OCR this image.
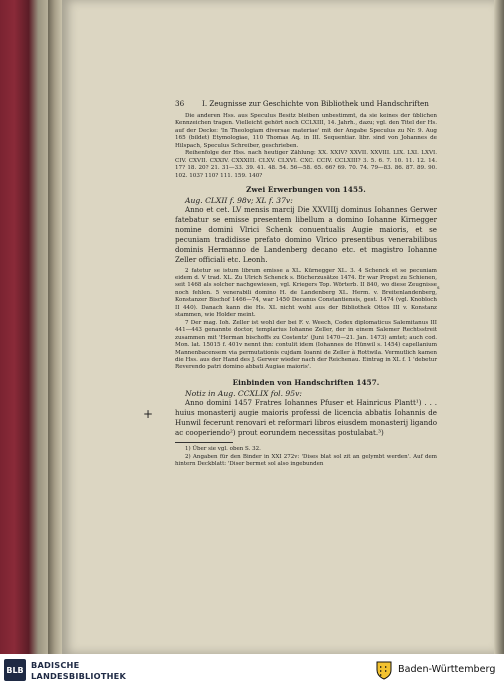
36 I. Zeugnisse zur Geschichte von Bibliothek und Handschriften

Die anderen Hss. aus Speculus Besitz bleiben unbestimmt, da sie keines der üblichen Kennzeichen tragen. Vielleicht gehört noch CCLXIII, 14. Jahrh., dazu; vgl. den Titel der Hs. auf der Decke: 'In Theologiam diversae materiae' mit der Angabe Speculus zu Nr. 9. Aug 165 (bildet) Etymologiae, 110 Thomas Aq. in III. Sequentiar. libr. sind von Johannes de Hilspach, Speculus Schreiber, geschrieben.

Reihenfolge der Hss. nach heutiger Zählung: XX. XXIV? XXVII. XXVIII. LIX. LXI. LXVI. CIV. CXVII. CXXIV. CXXXIII. CLXV. CLXVI. CXC. CCIV. CCLXIII? 3. 5. 6. 7. 10. 11. 12. 14. 17? 18. 20? 21. 31—33. 39. 41. 48. 54. 56—58. 65. 66? 69. 70. 74. 79—83. 86. 87. 89. 90. 102. 103? 110? 111. 159. 140?

Zwei Erwerbungen von 1455.

Aug. CLXII f. 98v; XL f. 37v:

Anno et cet. LV mensis marcij Die XXVIIIj dominus Iohannes Gerwer fatebatur se emisse presentem libellum a domino Iohanne Kirnegger nomine domini Vlrici Schenk conuentualis Augie maioris, et se pecuniam tradidisse prefato domino Vlrico presentibus venerabilibus dominis Hermanno de Landenberg decano etc. et magistro Iohanne Zeller officiali etc. Leonh.

2 fatetur se istum librum emisse a XL. Kürnegger XL. 3. 4 Schenck et se pecuniam eidem d. V trad. XL. Zu Ulrich Schenck s. Bücherzusätze 1474. Er war Propst zu Schienen, seit 1468 als solcher nachgewiesen, vgl. Kriegers Top. Wörterb. II 840, wo diese Zeugnisse noch fehlen. 5 venerabili domino H. de Landenberg XL. Herm. v. Breitenlandenberg, Konstanzer Bischof 1466—74, war 1450 Decanus Constantiensis, gest. 1474 (vgl. Knobloch II 440). Danach kann die Hs. XL nicht wohl aus der Bibliothek Ottos III v. Konstanz stammen, wie Holder meint.

7 Der mag. Ioh. Zeller ist wohl der bei F. v. Weech, Codex diplomaticus Salemitanus III 441—443 genannte doctor, templarius Iohanne Zeller, der in einem Salemer Rechtsstreit zusammen mit 'Herman bischoffs zu Costentz' (Juni 1470—21. Jan. 1473) amtet; auch cod. Mon. lat. 15015 f. 401v nennt ihn: contulit idem (Iohannes de Hünwil s. 1454) capellanium Mannenbacensem via permutationis cujdam Ioanni de Zeller à Rottwila. Vermutlich kamen die Hss. aus der Hand des J. Gerwer wieder nach der Reichenau. Eintrag in XL f. 1 'debetur Reverendo patri domino abbati Augiae maioris'.

Einbinden von Handschriften 1457.

Notiz in Aug. CCXLIX fol. 95v:

Anno domini 1457 Fratres Iohannes Pfuser et Hainricus Plantt¹) . . . huius monasterij augie maioris professi de licencia abbatis Iohannis de Hunwil fecerunt renovari et reformari libros eiusdem monasterij ligando ac cooperiendo²) prout eorundem necessitas postulabat.³)

1) Über sie vgl. oben S. 32.

2) Angaben für den Binder in XXI 272v: 'Dises blat sol zit an gelymbt werden'. Auf dem hintern Deckblatt: 'Diser bermet sol also ingebunden

s
+
BLB BADISCHE
LANDESBIBLIOTHEK
Baden-Württemberg
